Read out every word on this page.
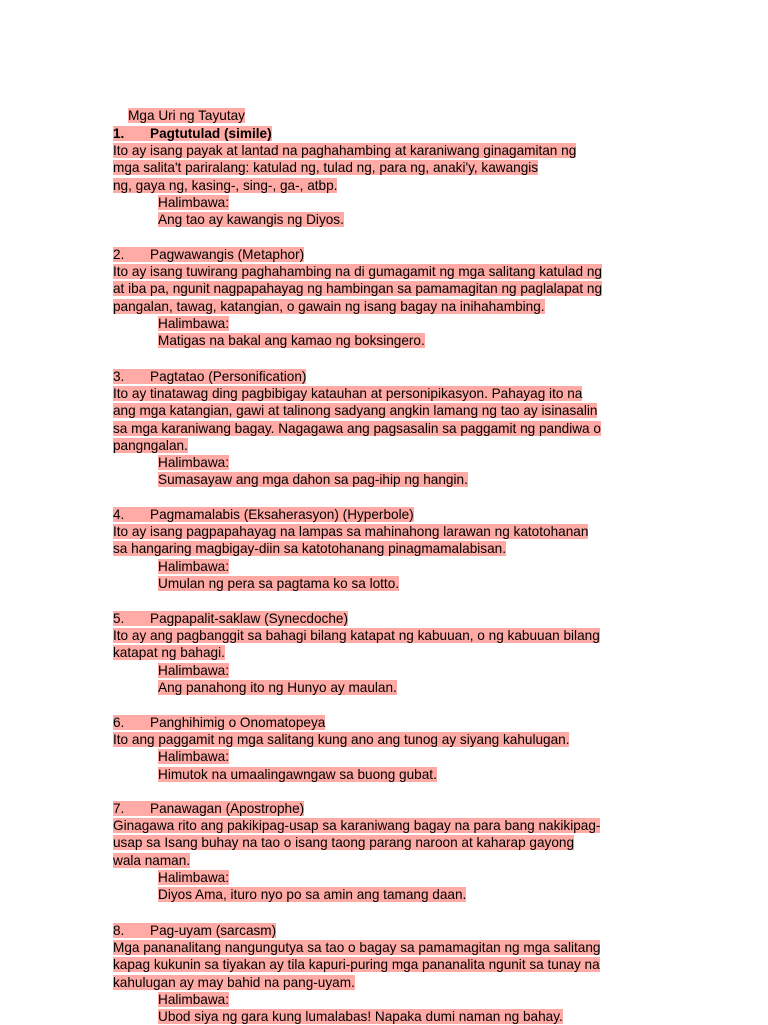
Mga Uri ng Tayutay

1. Pagtutulad (simile)
Ito ay isang payak at lantad na paghahambing at karaniwang ginagamitan ng
mga salita't pariralang: katulad ng, tulad ng, para ng, anaki'y, kawangis
ng, gaya ng, kasing-, sing-, ga-, atbp.
Halimbawa:
Ang tao ay kawangis ng Diyos.
2. Pagwawangis (Metaphor)
Ito ay isang tuwirang paghahambing na di gumagamit ng mga salitang katulad ng
at iba pa, ngunit nagpapahayag ng hambingan sa pamamagitan ng paglalapat ng
pangalan, tawag, katangian, o gawain ng isang bagay na inihahambing.
Halimbawa:
Matigas na bakal ang kamao ng boksingero.
3. Pagtatao (Personification)
Ito ay tinatawag ding pagbibigay katauhan at personipikasyon. Pahayag ito na
ang mga katangian, gawi at talinong sadyang angkin lamang ng tao ay isinasalin
sa mga karaniwang bagay. Nagagawa ang pagsasalin sa paggamit ng pandiwa o
pangngalan.
Halimbawa:
Sumasayaw ang mga dahon sa pag-ihip ng hangin.
4. Pagmamalabis (Eksaherasyon) (Hyperbole)
Ito ay isang pagpapahayag na lampas sa mahinahong larawan ng katotohanan
sa hangaring magbigay-diin sa katotohanang pinagmamalabisan.
Halimbawa:
Umulan ng pera sa pagtama ko sa lotto.
5. Pagpapalit-saklaw (Synecdoche)
Ito ay ang pagbanggit sa bahagi bilang katapat ng kabuuan, o ng kabuuan bilang
katapat ng bahagi.
Halimbawa:
Ang panahong ito ng Hunyo ay maulan.
6. Panghihimig o Onomatopeya
Ito ang paggamit ng mga salitang kung ano ang tunog ay siyang kahulugan.
Halimbawa:
Himutok na umaalingawngaw sa buong gubat.
7. Panawagan (Apostrophe)
Ginagawa rito ang pakikipag-usap sa karaniwang bagay na para bang nakikipag-
usap sa Isang buhay na tao o isang taong parang naroon at kaharap gayong
wala naman.
Halimbawa:
Diyos Ama, ituro nyo po sa amin ang tamang daan.
8. Pag-uyam (sarcasm)
Mga pananalitang nangungutya sa tao o bagay sa pamamagitan ng mga salitang
kapag kukunin sa tiyakan ay tila kapuri-puring mga pananalita ngunit sa tunay na
kahulugan ay may bahid na pang-uyam.
Halimbawa:
Ubod siya ng gara kung lumalabas! Napaka dumi naman ng bahay.
